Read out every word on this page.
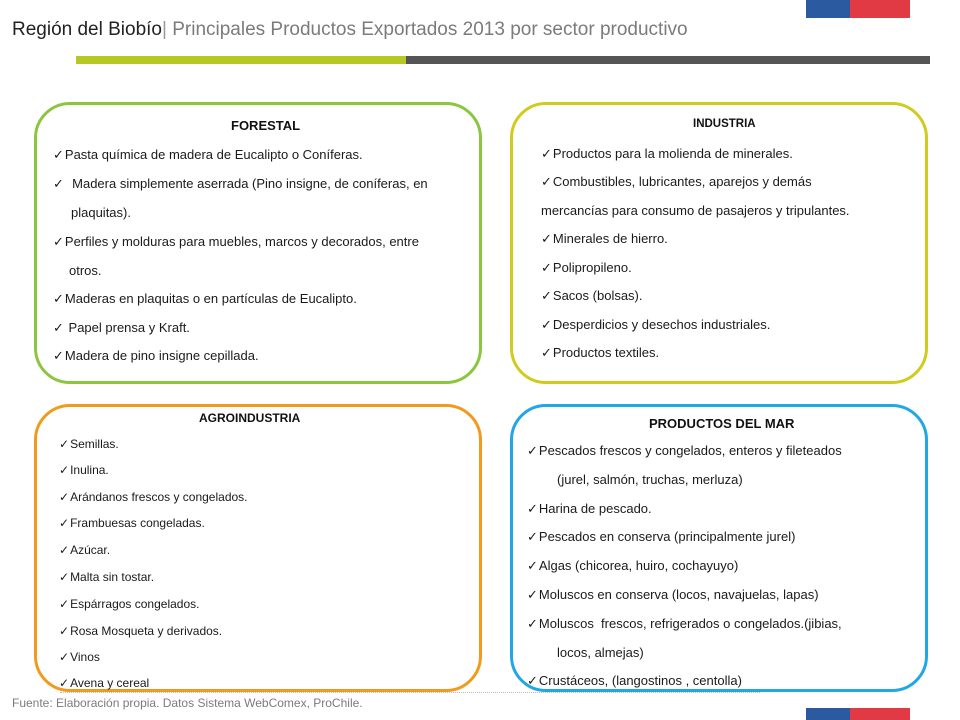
Región del Biobío| Principales Productos Exportados 2013 por sector productivo
FORESTAL
✓Pasta química de madera de Eucalipto o Coníferas.
✓  Madera simplemente aserrada (Pino insigne, de coníferas, en
plaquitas).
✓Perfiles y molduras para muebles, marcos y decorados, entre
otros.
✓Maderas en plaquitas o en partículas de Eucalipto.
✓ Papel prensa y Kraft.
✓Madera de pino insigne cepillada.
INDUSTRIA
✓Productos para la molienda de minerales.
✓Combustibles, lubricantes, aparejos y demás
mercancías para consumo de pasajeros y tripulantes.
✓Minerales de hierro.
✓Polipropileno.
✓Sacos (bolsas).
✓Desperdicios y desechos industriales.
✓Productos textiles.
AGROINDUSTRIA
✓Semillas.
✓Inulina.
✓Arándanos frescos y congelados.
✓Frambuesas congeladas.
✓Azúcar.
✓Malta sin tostar.
✓Espárragos congelados.
✓Rosa Mosqueta y derivados.
✓Vinos
✓Avena y cereal
PRODUCTOS DEL MAR
✓Pescados frescos y congelados, enteros y fileteados
(jurel, salmón, truchas, merluza)
✓Harina de pescado.
✓Pescados en conserva (principalmente jurel)
✓Algas (chicorea, huiro, cochayuyo)
✓Moluscos en conserva (locos, navajuelas, lapas)
✓Moluscos  frescos, refrigerados o congelados.(jibias,
locos, almejas)
✓Crustáceos, (langostinos , centolla)
Fuente: Elaboración propia. Datos Sistema WebComex, ProChile.
